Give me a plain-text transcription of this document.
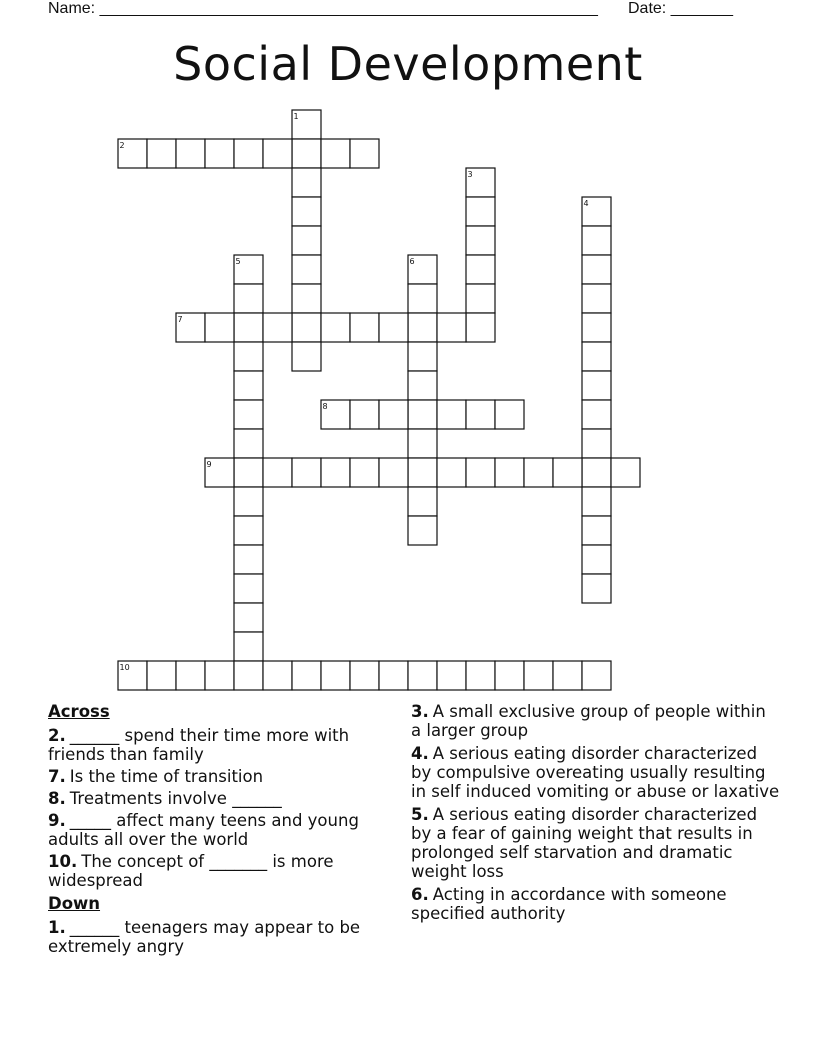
Name: ________________________________________________________ Date: _______
Social Development
1
2
3
4
5	6
7
8
9
10
Across
2. ______ spend their time more with friends than family
7. Is the time of transition
8. Treatments involve ______
9. _____ affect many teens and young adults all over the world
10. The concept of _______ is more widespread
Down
1. ______ teenagers may appear to be extremely angry
3. A small exclusive group of people within a larger group
4. A serious eating disorder characterized by compulsive overeating usually resulting in self induced vomiting or abuse or laxative
5. A serious eating disorder characterized by a fear of gaining weight that results in prolonged self starvation and dramatic weight loss
6. Acting in accordance with someone specified authority
